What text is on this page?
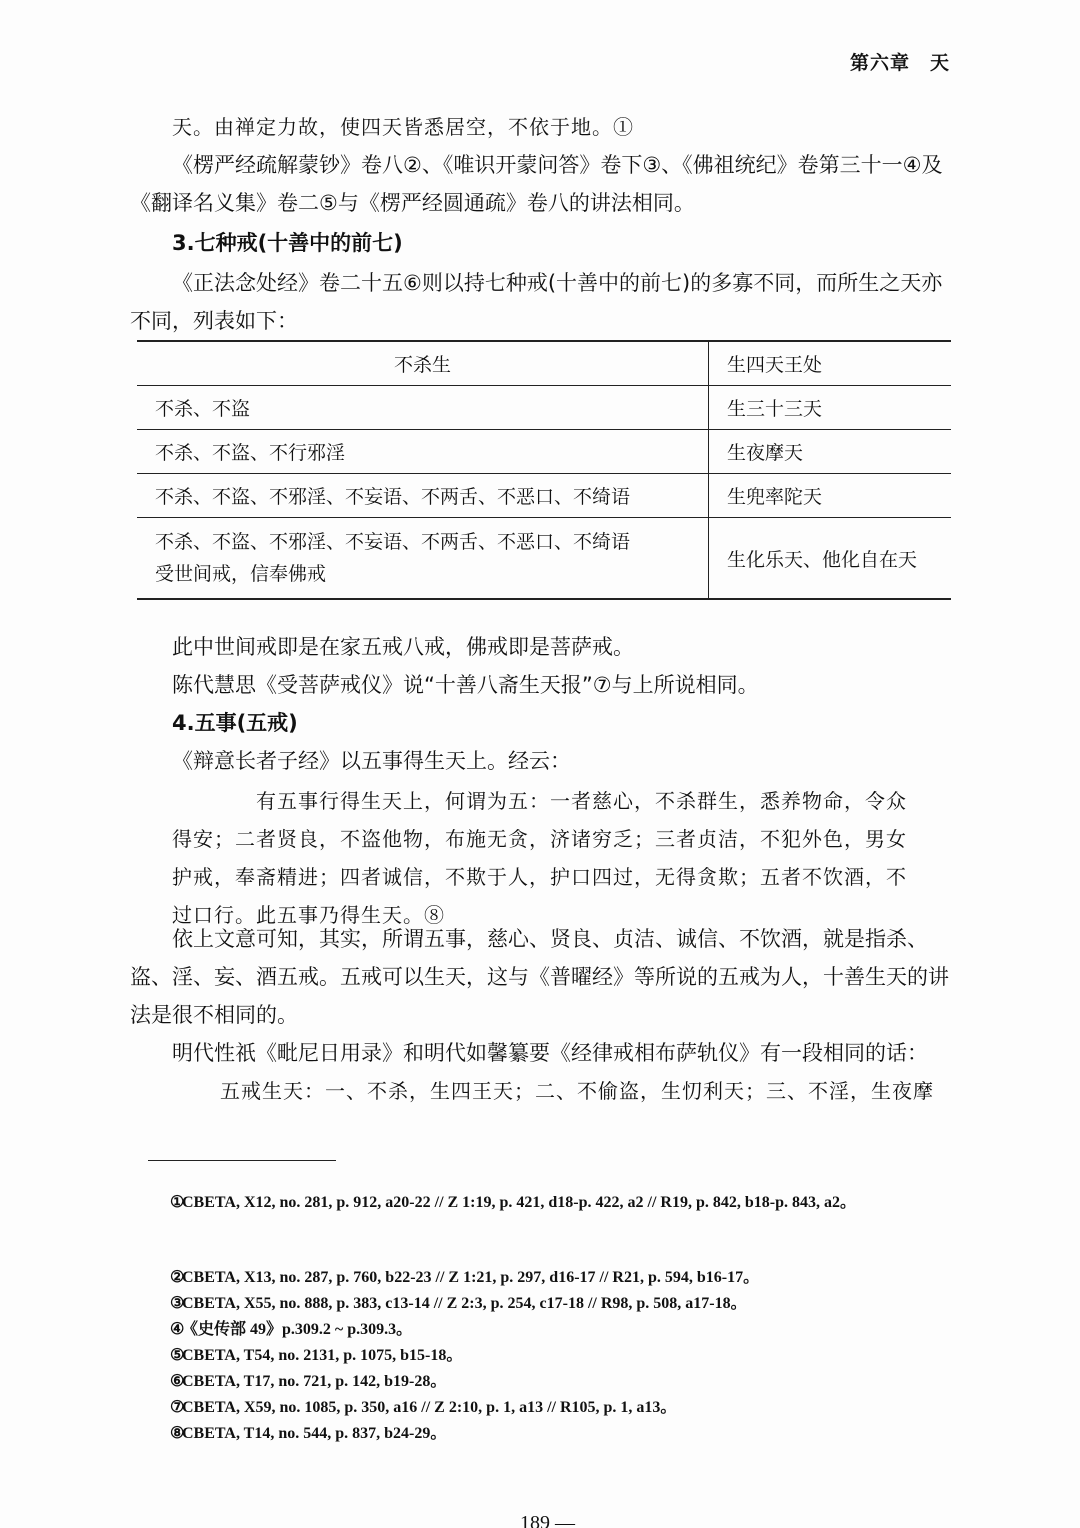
第六章　天
天。由禅定力故，使四天皆悉居空，不依于地。①
《楞严经疏解蒙钞》卷八②、《唯识开蒙问答》卷下③、《佛祖统纪》卷第三十一④及《翻译名义集》卷二⑤与《楞严经圆通疏》卷八的讲法相同。
3.七种戒(十善中的前七)
《正法念处经》卷二十五⑥则以持七种戒(十善中的前七)的多寡不同，而所生之天亦不同，列表如下：
不杀生	生四天王处
不杀、不盗	生三十三天
不杀、不盗、不行邪淫	生夜摩天
不杀、不盗、不邪淫、不妄语、不两舌、不恶口、不绮语	生兜率陀天
不杀、不盗、不邪淫、不妄语、不两舌、不恶口、不绮语
受世间戒，信奉佛戒	生化乐天、他化自在天
此中世间戒即是在家五戒八戒，佛戒即是菩萨戒。
陈代慧思《受菩萨戒仪》说“十善八斋生天报”⑦与上所说相同。
4.五事(五戒)
《辩意长者子经》以五事得生天上。经云：
有五事行得生天上，何谓为五：一者慈心，不杀群生，悉养物命，令众得安；二者贤良，不盗他物，布施无贪，济诸穷乏；三者贞洁，不犯外色，男女护戒，奉斋精进；四者诚信，不欺于人，护口四过，无得贪欺；五者不饮酒，不过口行。此五事乃得生天。⑧
依上文意可知，其实，所谓五事，慈心、贤良、贞洁、诚信、不饮酒，就是指杀、盗、淫、妄、酒五戒。五戒可以生天，这与《普曜经》等所说的五戒为人，十善生天的讲法是很不相同的。
明代性祇《毗尼日用录》和明代如馨纂要《经律戒相布萨轨仪》有一段相同的话：
五戒生天：一、不杀，生四王天；二、不偷盗，生忉利天；三、不淫，生夜摩
①CBETA, X12, no. 281, p. 912, a20-22 // Z 1:19, p. 421, d18-p. 422, a2 // R19, p. 842, b18-p. 843, a2。
②CBETA, X13, no. 287, p. 760, b22-23 // Z 1:21, p. 297, d16-17 // R21, p. 594, b16-17。
③CBETA, X55, no. 888, p. 383, c13-14 // Z 2:3, p. 254, c17-18 // R98, p. 508, a17-18。
④《史传部 49》p.309.2 ~ p.309.3。
⑤CBETA, T54, no. 2131, p. 1075, b15-18。
⑥CBETA, T17, no. 721, p. 142, b19-28。
⑦CBETA, X59, no. 1085, p. 350, a16 // Z 2:10, p. 1, a13 // R105, p. 1, a13。
⑧CBETA, T14, no. 544, p. 837, b24-29。
189 —
